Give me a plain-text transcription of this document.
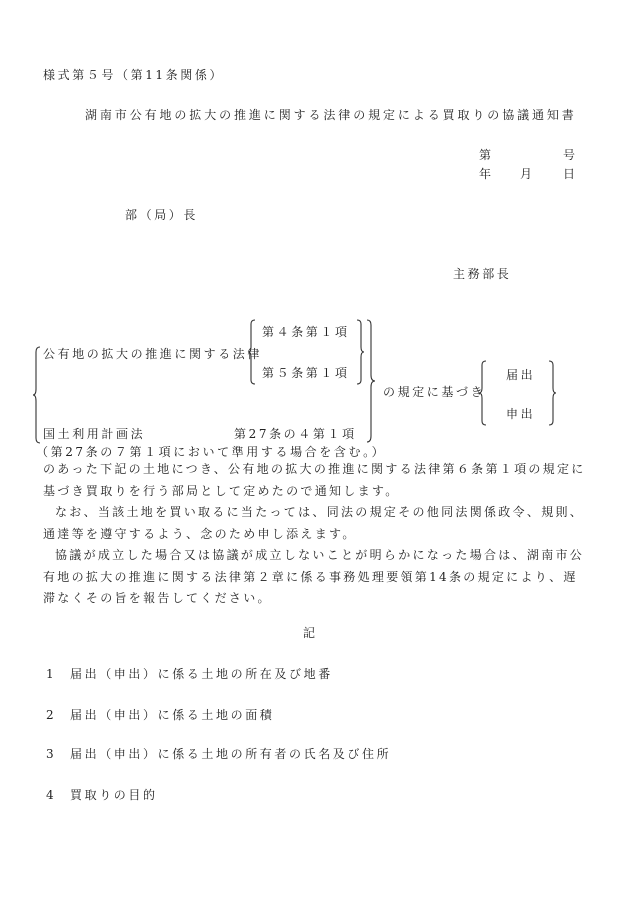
様式第５号（第11条関係）
湖南市公有地の拡大の推進に関する法律の規定による買取りの協議通知書
第	号
年 月	日
部（局）長
主務部長
公有地の拡大の推進に関する法律
第４条第１項
第５条第１項
国土利用計画法	第27条の４第１項
の規定に基づき
届出
申出
（第27条の７第１項において準用する場合を含む。）

のあった下記の土地につき、公有地の拡大の推進に関する法律第６条第１項の規定に基づき買取りを行う部局として定めたので通知します。

なお、当該土地を買い取るに当たっては、同法の規定その他同法関係政令、規則、通達等を遵守するよう、念のため申し添えます。

協議が成立した場合又は協議が成立しないことが明らかになった場合は、湖南市公有地の拡大の推進に関する法律第２章に係る事務処理要領第14条の規定により、遅滞なくその旨を報告してください。

記
1 届出（申出）に係る土地の所在及び地番
2 届出（申出）に係る土地の面積
3 届出（申出）に係る土地の所有者の氏名及び住所
4 買取りの目的
